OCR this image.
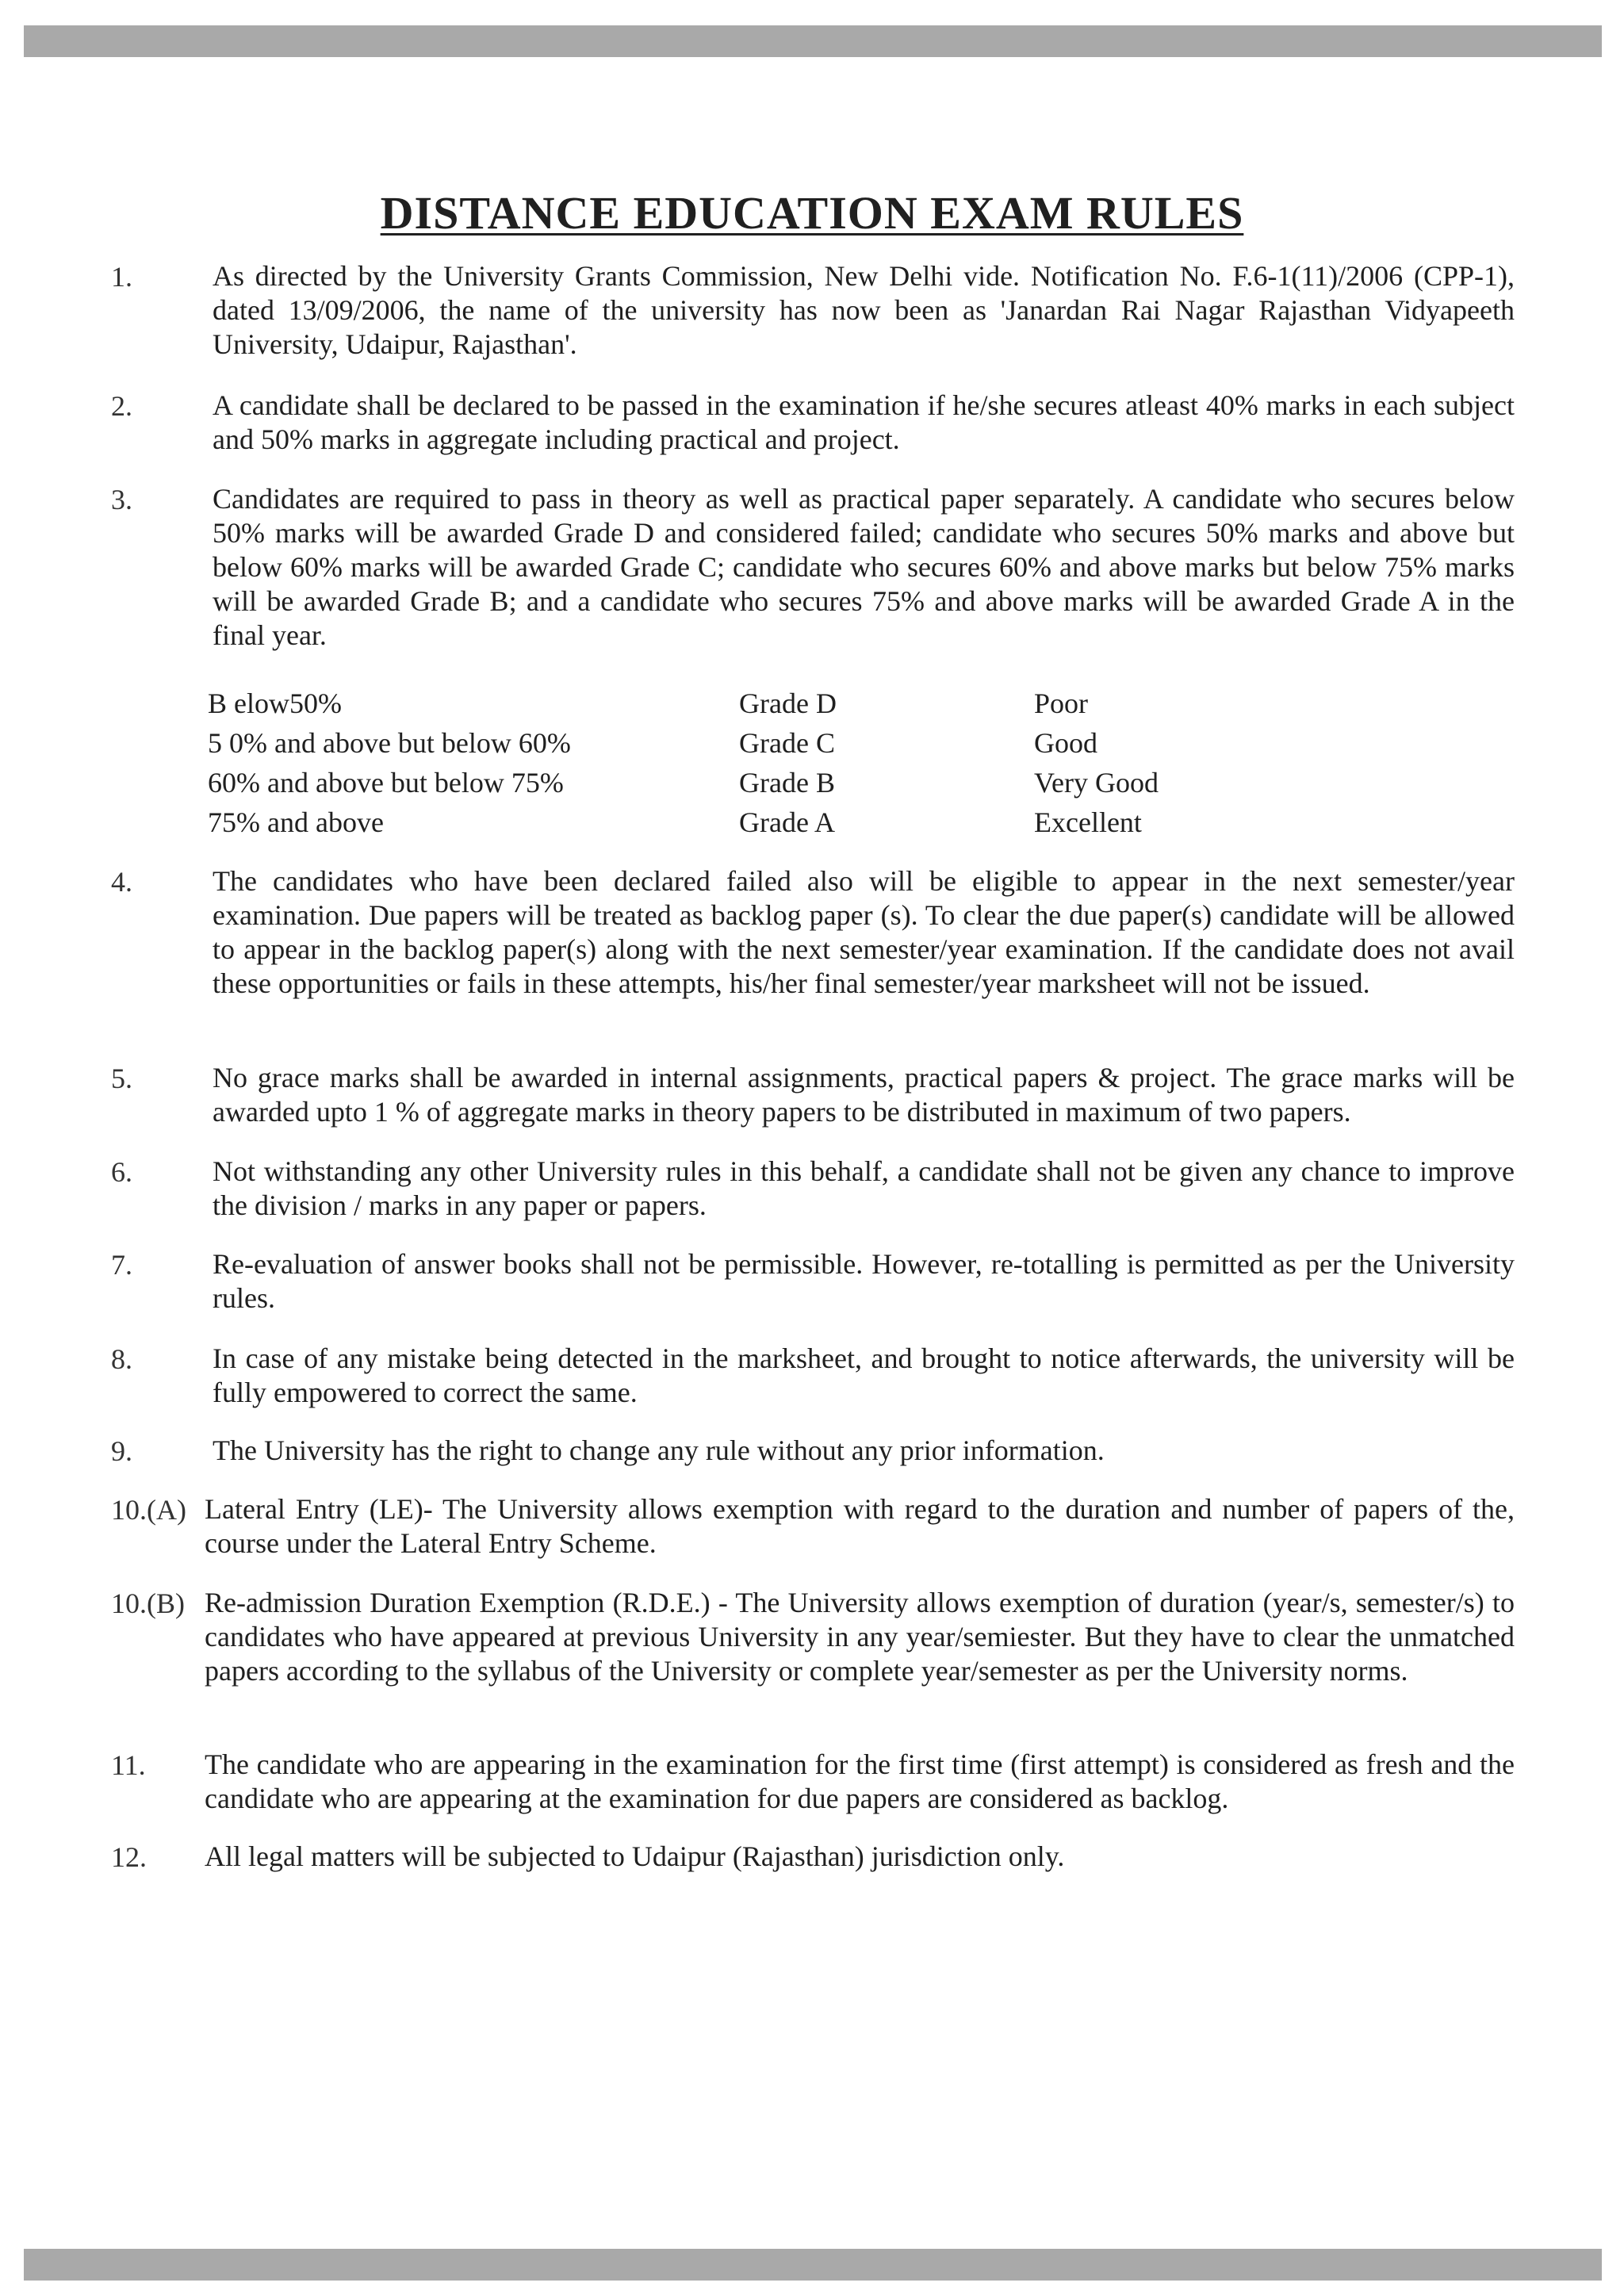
DISTANCE EDUCATION EXAM RULES
1.	As directed by the University Grants Commission, New Delhi vide. Notification No. F.6-1(11)/2006 (CPP-1), dated 13/09/2006, the name of the university has now been as 'Janardan Rai Nagar Rajasthan Vidyapeeth University, Udaipur, Rajasthan'.

2.	A candidate shall be declared to be passed in the examination if he/she secures atleast 40% marks in each subject and 50% marks in aggregate including practical and project.

3.	Candidates are required to pass in theory as well as practical paper separately. A candidate who secures below 50% marks will be awarded Grade D and considered failed; candidate who secures 50% marks and above but below 60% marks will be awarded Grade C; candidate who secures 60% and above marks but below 75% marks will be awarded Grade B; and a candidate who secures 75% and above marks will be awarded Grade A in the final year.

B elow50%	Grade D	Poor
5 0% and above but below 60%	Grade C	Good
60% and above but below 75%	Grade B	Very Good
75% and above	Grade A	Excellent
4.	The candidates who have been declared failed also will be eligible to appear in the next semester/year examination. Due papers will be treated as backlog paper (s). To clear the due paper(s) candidate will be allowed to appear in the backlog paper(s) along with the next semester/year examination. If the candidate does not avail these opportunities or fails in these attempts, his/her final semester/year marksheet will not be issued.

5.	No grace marks shall be awarded in internal assignments, practical papers & project. The grace marks will be awarded upto 1 % of aggregate marks in theory papers to be distributed in maximum of two papers.

6.	Not withstanding any other University rules in this behalf, a candidate shall not be given any chance to improve the division / marks in any paper or papers.

7.	Re-evaluation of answer books shall not be permissible. However, re-totalling is permitted as per the University rules.

8.	In case of any mistake being detected in the marksheet, and brought to notice afterwards, the university will be fully empowered to correct the same.

9.	The University has the right to change any rule without any prior information.

10.(A) Lateral Entry (LE)- The University allows exemption with regard to the duration and number of papers of the, course under the Lateral Entry Scheme.

10.(B) Re-admission Duration Exemption (R.D.E.) - The University allows exemption of duration (year/s, semester/s) to candidates who have appeared at previous University in any year/semiester. But they have to clear the unmatched papers according to the syllabus of the University or complete year/semester as per the University norms.

11. The candidate who are appearing in the examination for the first time (first attempt) is considered as fresh and the candidate who are appearing at the examination for due papers are considered as backlog.

12. All legal matters will be subjected to Udaipur (Rajasthan) jurisdiction only.
